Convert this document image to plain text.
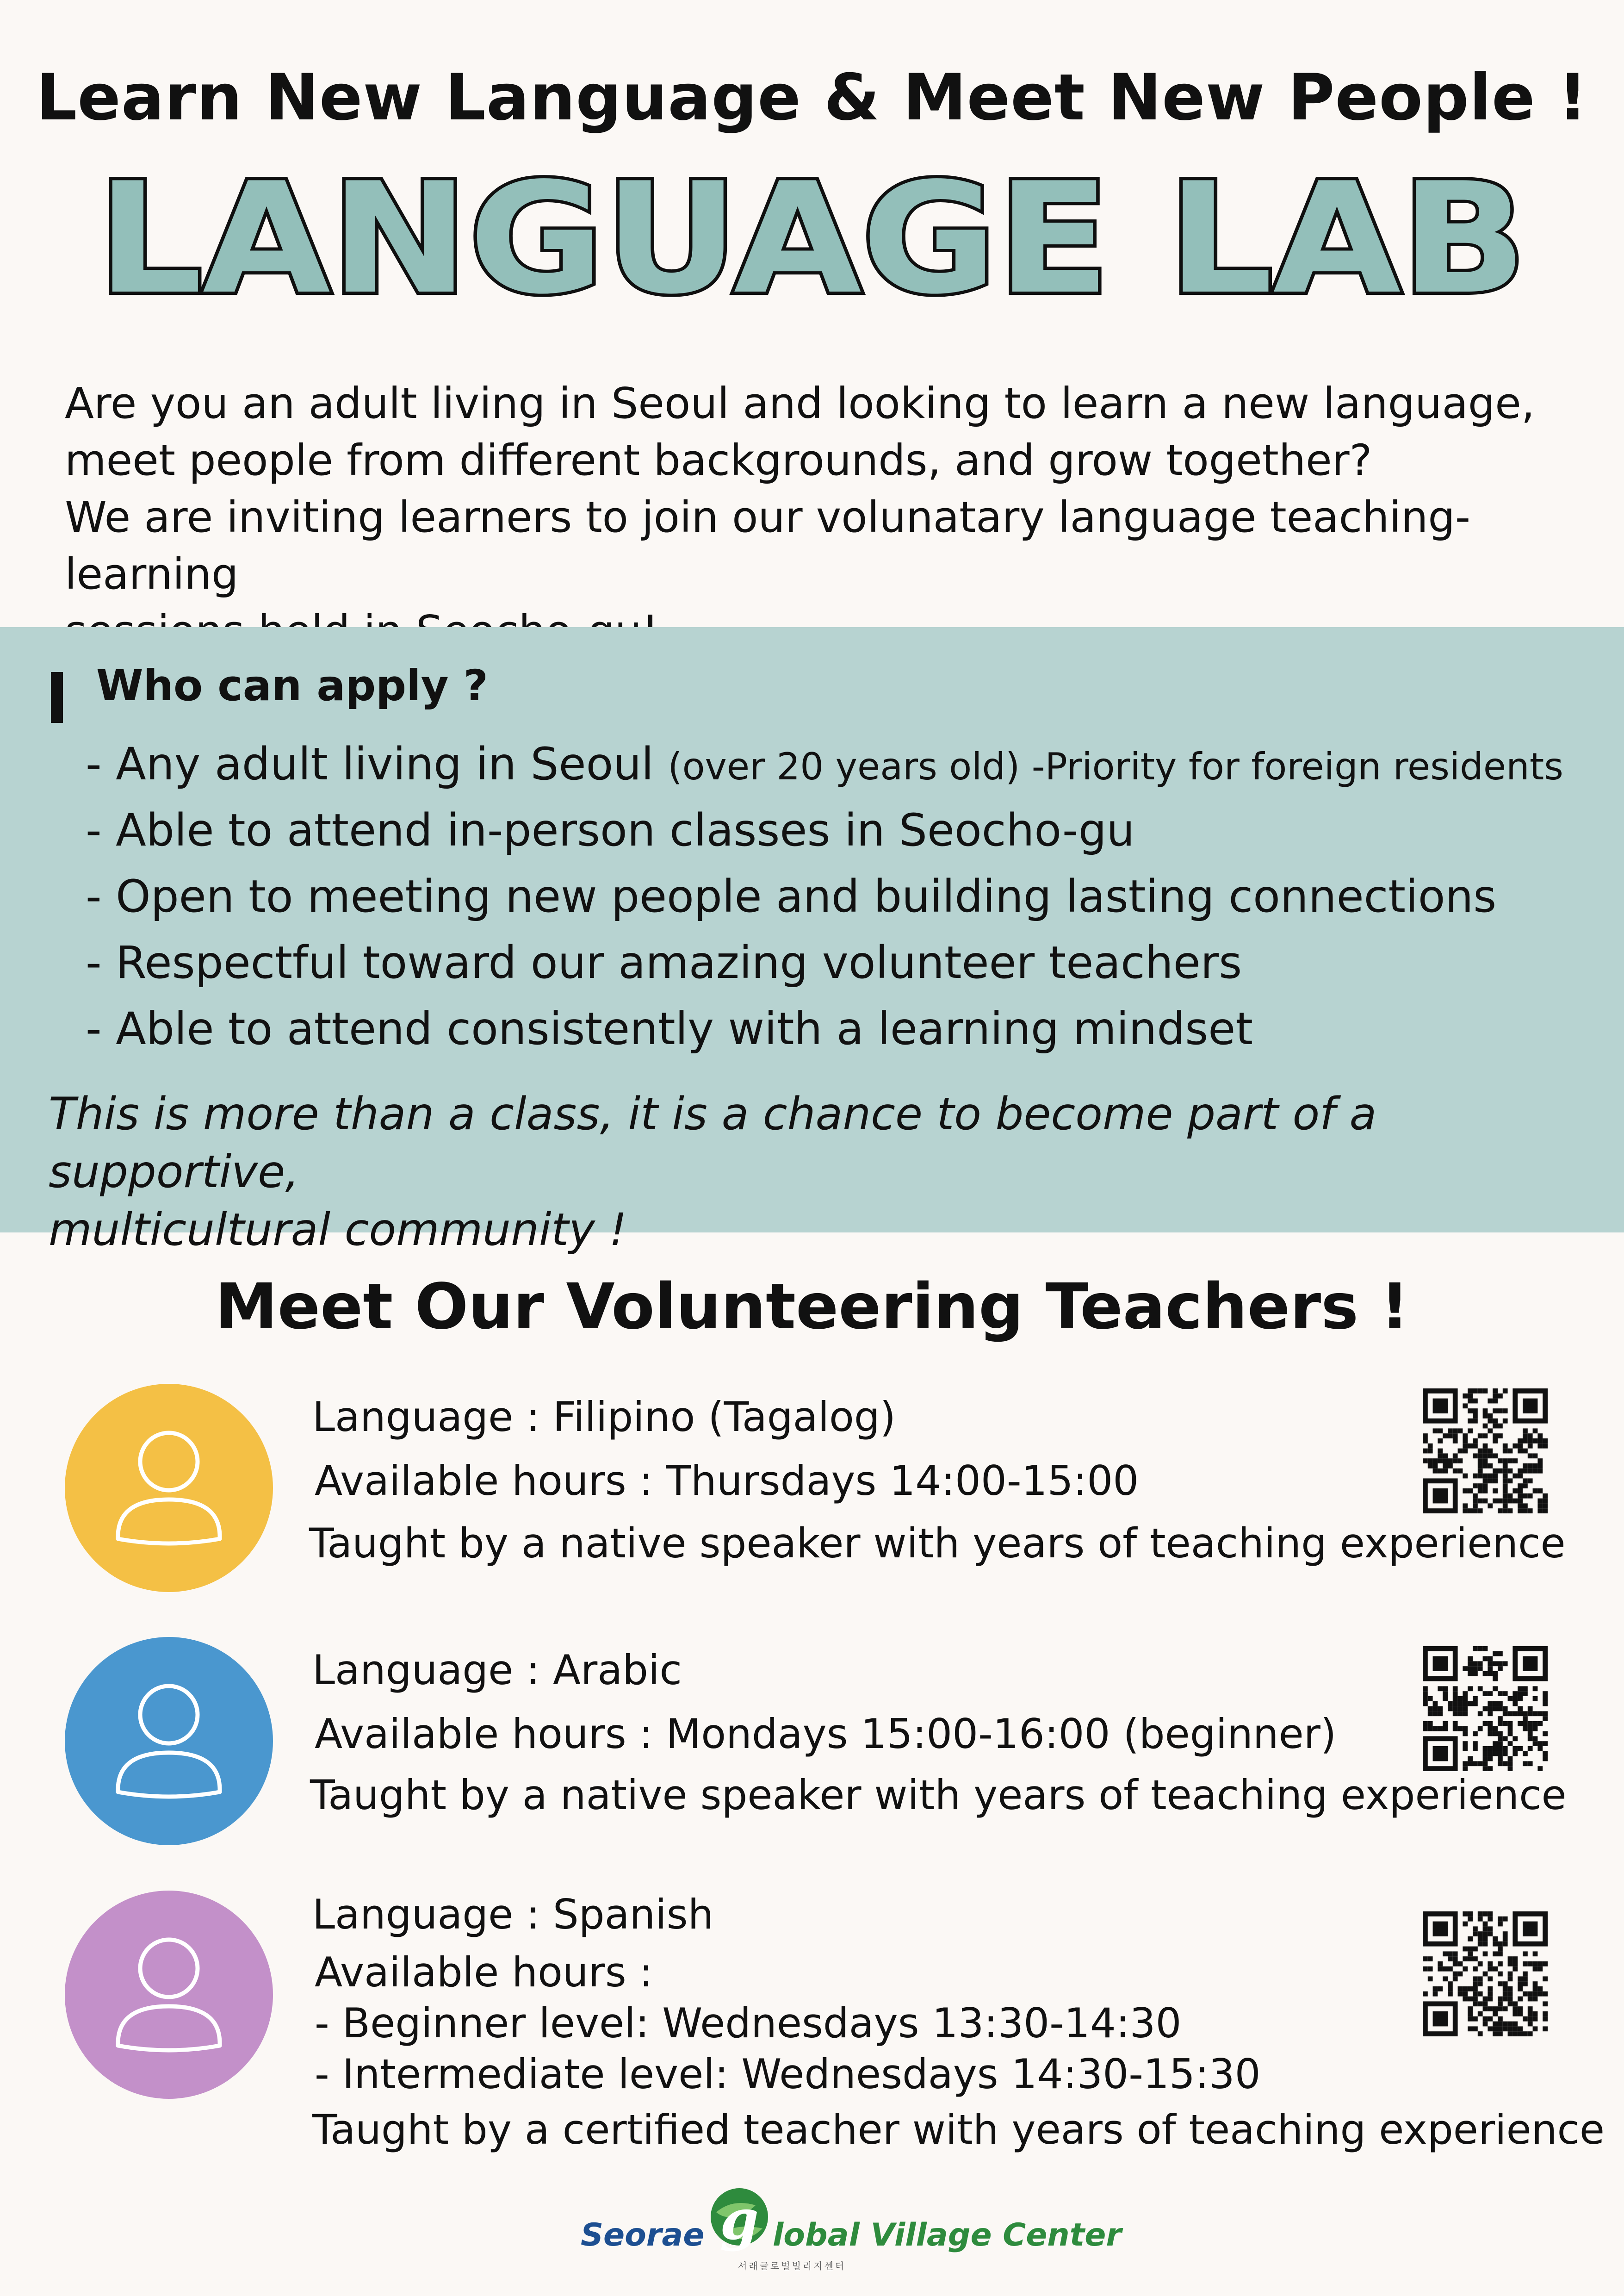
Learn New Language & Meet New People !
LANGUAGE LAB
Are you an adult living in Seoul and looking to learn a new language,
meet people from different backgrounds, and grow together?
We are inviting learners to join our volunatary language teaching-learning
Who can apply ?
- Any adult living in Seoul (over 20 years old) -Priority for foreign residents
- Able to attend in-person classes in Seocho-gu
- Open to meeting new people and building lasting connections
- Respectful toward our amazing volunteer teachers
- Able to attend consistently with a learning mindset
This is more than a class, it is a chance to become part of a supportive,
multicultural community !
Meet Our Volunteering Teachers !
Language : Filipino (Tagalog)
Available hours : Thursdays 14:00-15:00
Taught by a native speaker with years of teaching experience
Language : Arabic
Available hours : Mondays 15:00-16:00 (beginner)
Taught by a native speaker with years of teaching experience
Language : Spanish
Available hours :
- Beginner level: Wednesdays 13:30-14:30
- Intermediate level: Wednesdays 14:30-15:30
Taught by a certified teacher with years of teaching experience
Seorae g lobal Village Center
서래글로벌빌리지센터
